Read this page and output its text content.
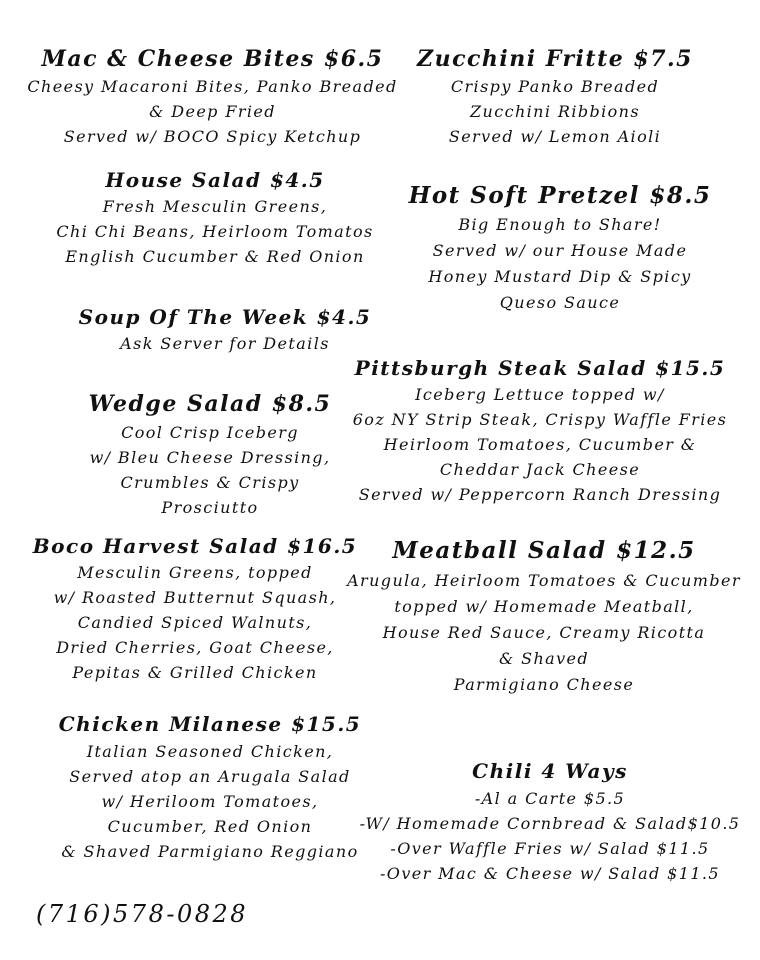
Mac & Cheese Bites $6.5
Cheesy Macaroni Bites, Panko Breaded
& Deep Fried
Served w/ BOCO Spicy Ketchup
Zucchini Fritte $7.5
Crispy Panko Breaded
Zucchini Ribbions
Served w/ Lemon Aioli
House Salad $4.5
Fresh Mesculin Greens,
Chi Chi Beans, Heirloom Tomatos
English Cucumber & Red Onion
Hot Soft Pretzel $8.5
Big Enough to Share!
Served w/ our House Made
Honey Mustard Dip & Spicy
Queso Sauce
Soup Of The Week $4.5
Ask Server for Details
Pittsburgh Steak Salad $15.5
Iceberg Lettuce topped w/
6oz NY Strip Steak, Crispy Waffle Fries
Heirloom Tomatoes, Cucumber &
Cheddar Jack Cheese
Served w/ Peppercorn Ranch Dressing
Wedge Salad $8.5
Cool Crisp Iceberg
w/ Bleu Cheese Dressing,
Crumbles & Crispy
Prosciutto
Boco Harvest Salad $16.5
Mesculin Greens, topped
w/ Roasted Butternut Squash,
Candied Spiced Walnuts,
Dried Cherries, Goat Cheese,
Pepitas & Grilled Chicken
Meatball Salad $12.5
Arugula, Heirloom Tomatoes & Cucumber
topped w/ Homemade Meatball,
House Red Sauce, Creamy Ricotta
& Shaved
Parmigiano Cheese
Chicken Milanese $15.5
Italian Seasoned Chicken,
Served atop an Arugala Salad
w/ Heriloom Tomatoes,
Cucumber, Red Onion
& Shaved Parmigiano Reggiano
Chili 4 Ways
-Al a Carte $5.5
-W/ Homemade Cornbread & Salad$10.5
-Over Waffle Fries w/ Salad $11.5
-Over Mac & Cheese w/ Salad $11.5
(716)578-0828
